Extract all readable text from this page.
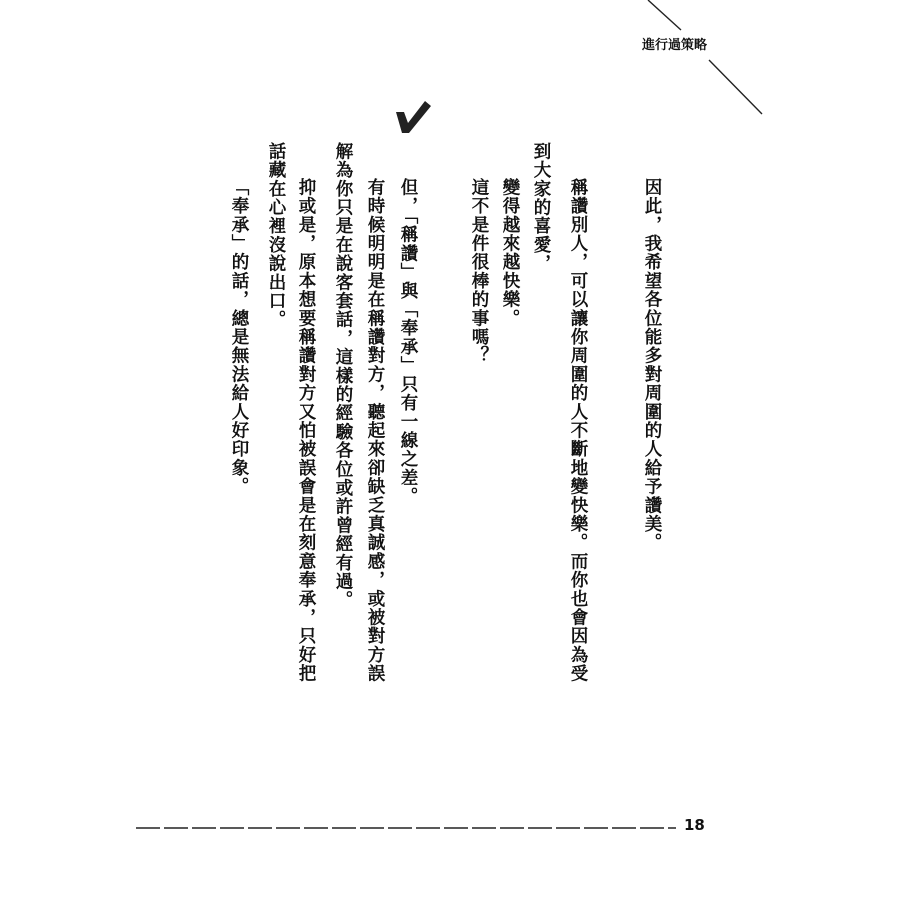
進行過策略
因此，我希望各位能多對周圍的人給予讚美。
稱讚別人，可以讓你周圍的人不斷地變快樂。而你也會因為受
到大家的喜愛，
變得越來越快樂。
這不是件很棒的事嗎？
但，「稱讚」與「奉承」只有一線之差。
有時候明明是在稱讚對方，聽起來卻缺乏真誠感，或被對方誤
解為你只是在說客套話，這樣的經驗各位或許曾經有過。
抑或是，原本想要稱讚對方又怕被誤會是在刻意奉承，只好把
話藏在心裡沒說出口。
「奉承」的話，總是無法給人好印象。
18
